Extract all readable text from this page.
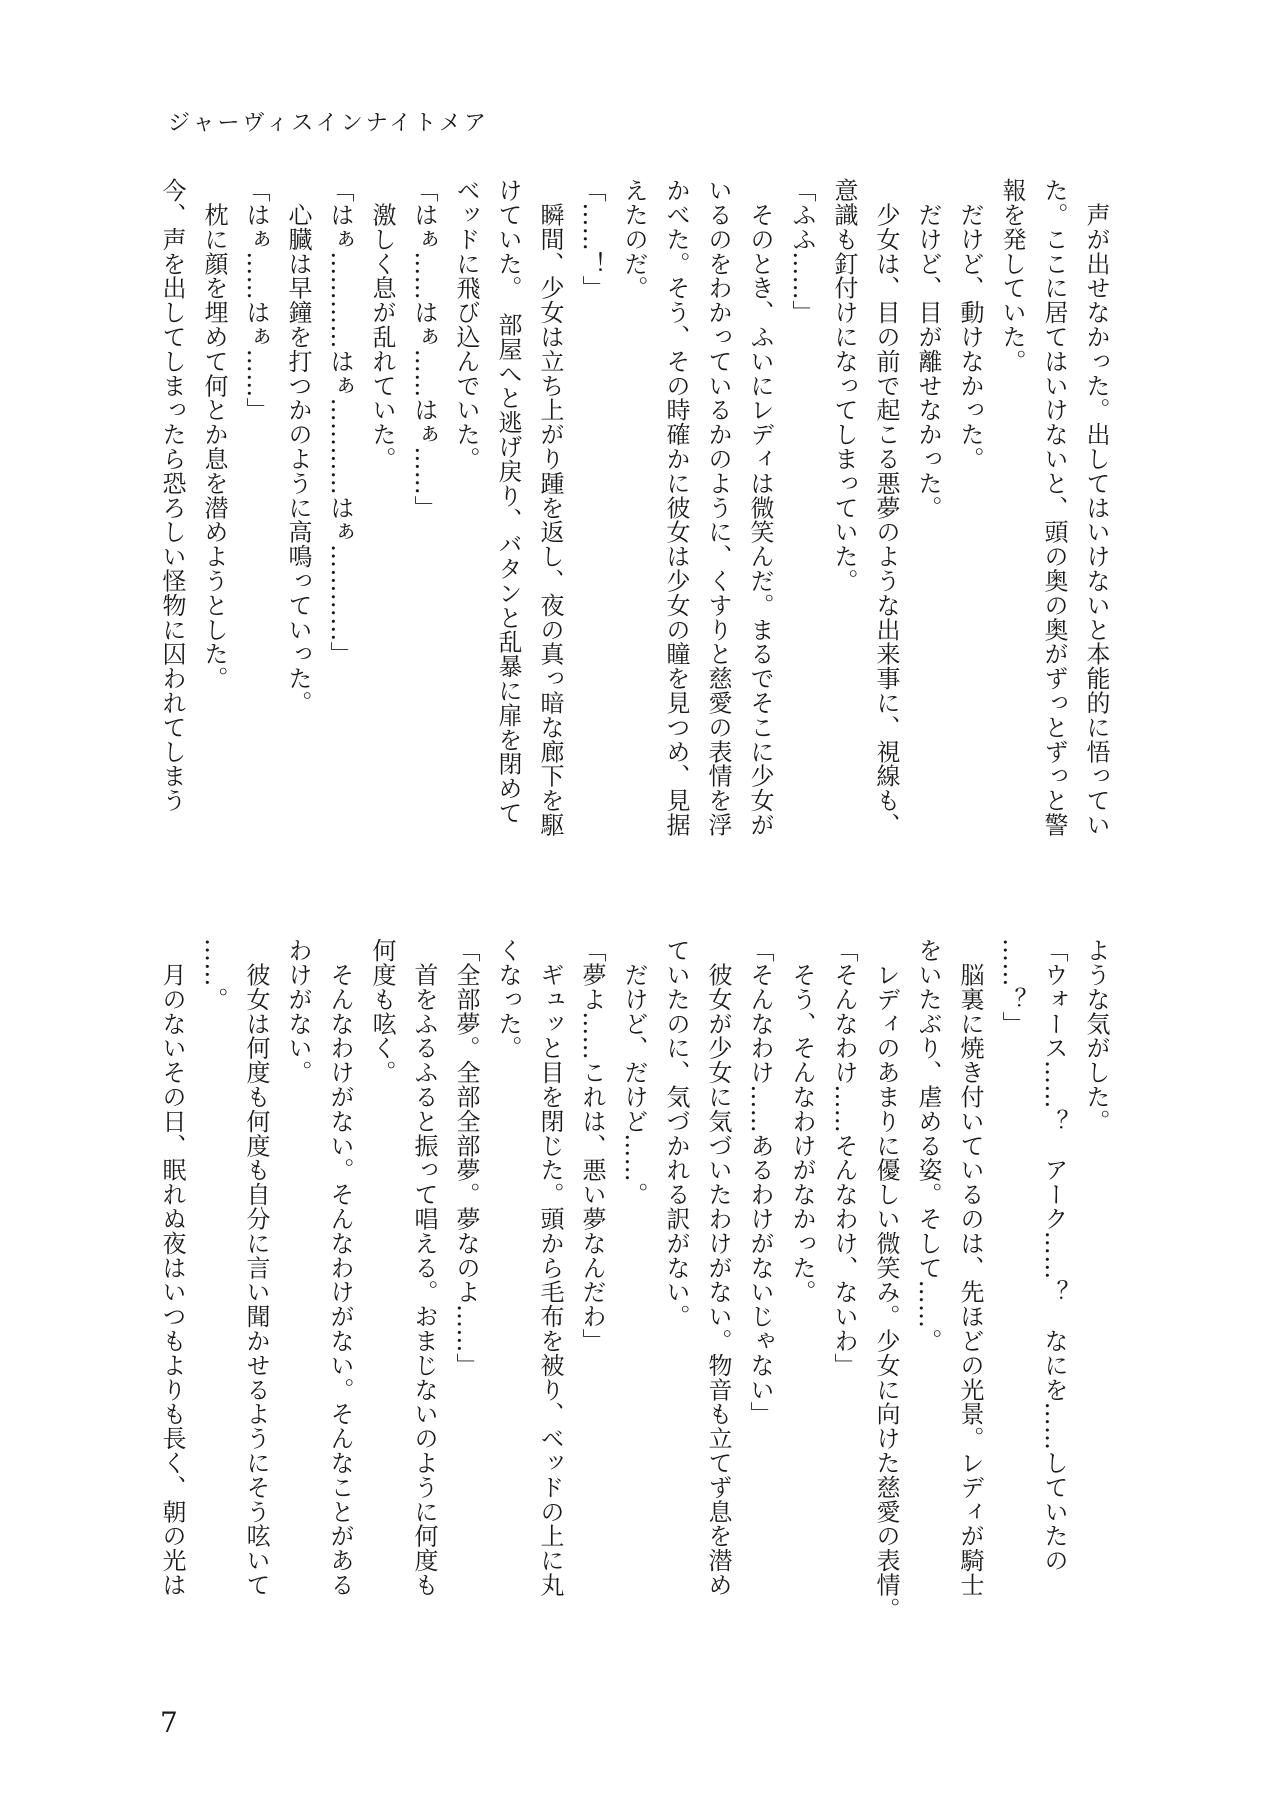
ジャーヴィスインナイトメア
　声が出せなかった。出してはいけないと本能的に悟ってい
た。ここに居てはいけないと、頭の奥の奥がずっとずっと警
報を発していた。
　だけど、動けなかった。
　だけど、目が離せなかった。
　少女は、目の前で起こる悪夢のような出来事に、視線も、
意識も釘付けになってしまっていた。
「ふふ……」
　そのとき、ふいにレディは微笑んだ。まるでそこに少女が
いるのをわかっているかのように、くすりと慈愛の表情を浮
かべた。そう、その時確かに彼女は少女の瞳を見つめ、見据
えたのだ。
「……！」
　瞬間、少女は立ち上がり踵を返し、夜の真っ暗な廊下を駆
けていた。　部屋へと逃げ戻り、バタンと乱暴に扉を閉めて
ベッドに飛び込んでいた。
「はぁ……はぁ……はぁ……」
　激しく息が乱れていた。
「はぁ…………はぁ…………はぁ…………」
　心臓は早鐘を打つかのように高鳴っていった。
「はぁ……はぁ……」
　枕に顔を埋めて何とか息を潜めようとした。
今、声を出してしまったら恐ろしい怪物に囚われてしまう
ような気がした。
「ウォース……？　アーク……？　なにを……していたの
……？」
　脳裏に焼き付いているのは、先ほどの光景。レディが騎士
をいたぶり、虐める姿。そして……。
　レディのあまりに優しい微笑み。少女に向けた慈愛の表情。
「そんなわけ……そんなわけ、ないわ」
　そう、そんなわけがなかった。
「そんなわけ……あるわけがないじゃない」
　彼女が少女に気づいたわけがない。物音も立てず息を潜め
ていたのに、気づかれる訳がない。
　だけど、だけど……。
「夢よ……これは、悪い夢なんだわ」
　ギュッと目を閉じた。頭から毛布を被り、ベッドの上に丸
くなった。
「全部夢。全部全部夢。夢なのよ……」
　首をふるふると振って唱える。おまじないのように何度も
何度も呟く。
　そんなわけがない。そんなわけがない。そんなことがある
わけがない。
　彼女は何度も何度も自分に言い聞かせるようにそう呟いて
……。
　月のないその日、眠れぬ夜はいつもよりも長く、朝の光は
7
